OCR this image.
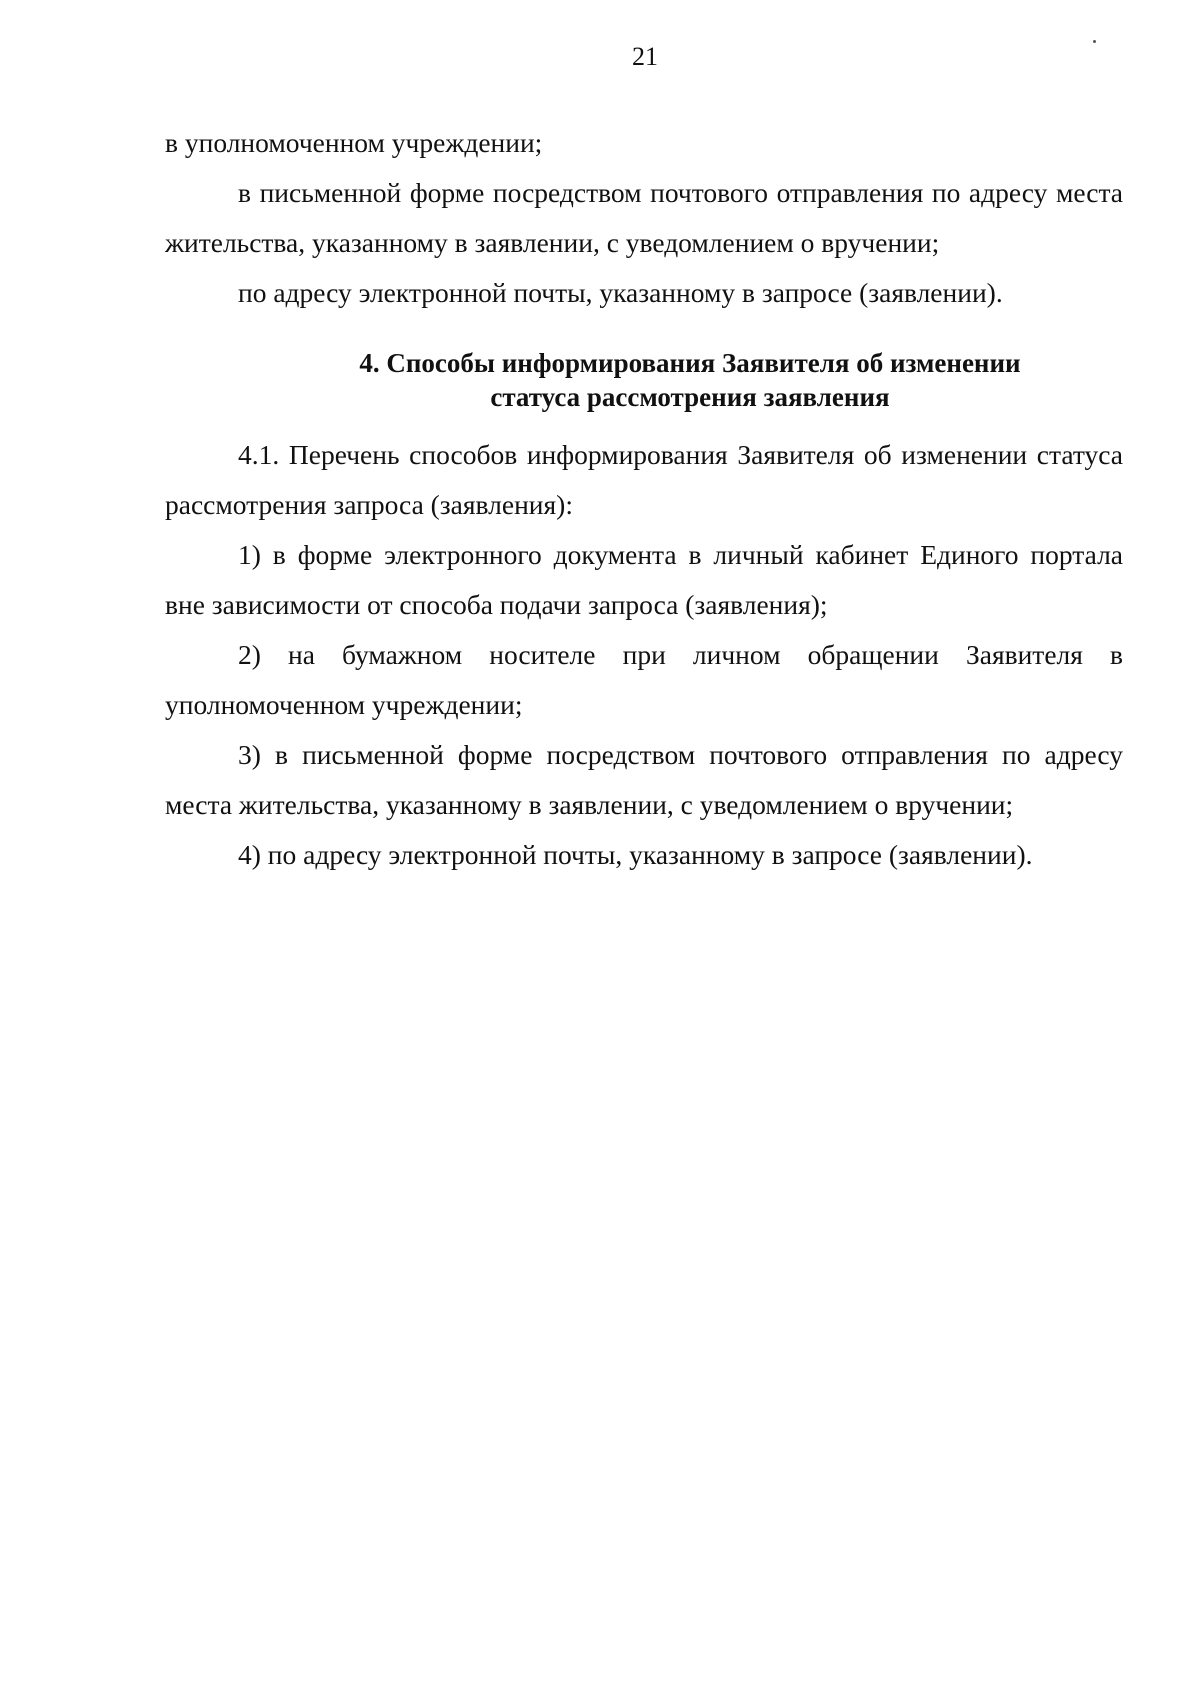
21

в уполномоченном учреждении;

в письменной форме посредством почтового отправления по адресу места жительства, указанному в заявлении, с уведомлением о вручении;

по адресу электронной почты, указанному в запросе (заявлении).

4. Способы информирования Заявителя об изменении
статуса рассмотрения заявления

4.1. Перечень способов информирования Заявителя об изменении статуса рассмотрения запроса (заявления):

1) в форме электронного документа в личный кабинет Единого портала вне зависимости от способа подачи запроса (заявления);

2) на бумажном носителе при личном обращении Заявителя в уполномоченном учреждении;

3) в письменной форме посредством почтового отправления по адресу места жительства, указанному в заявлении, с уведомлением о вручении;

4) по адресу электронной почты, указанному в запросе (заявлении).
